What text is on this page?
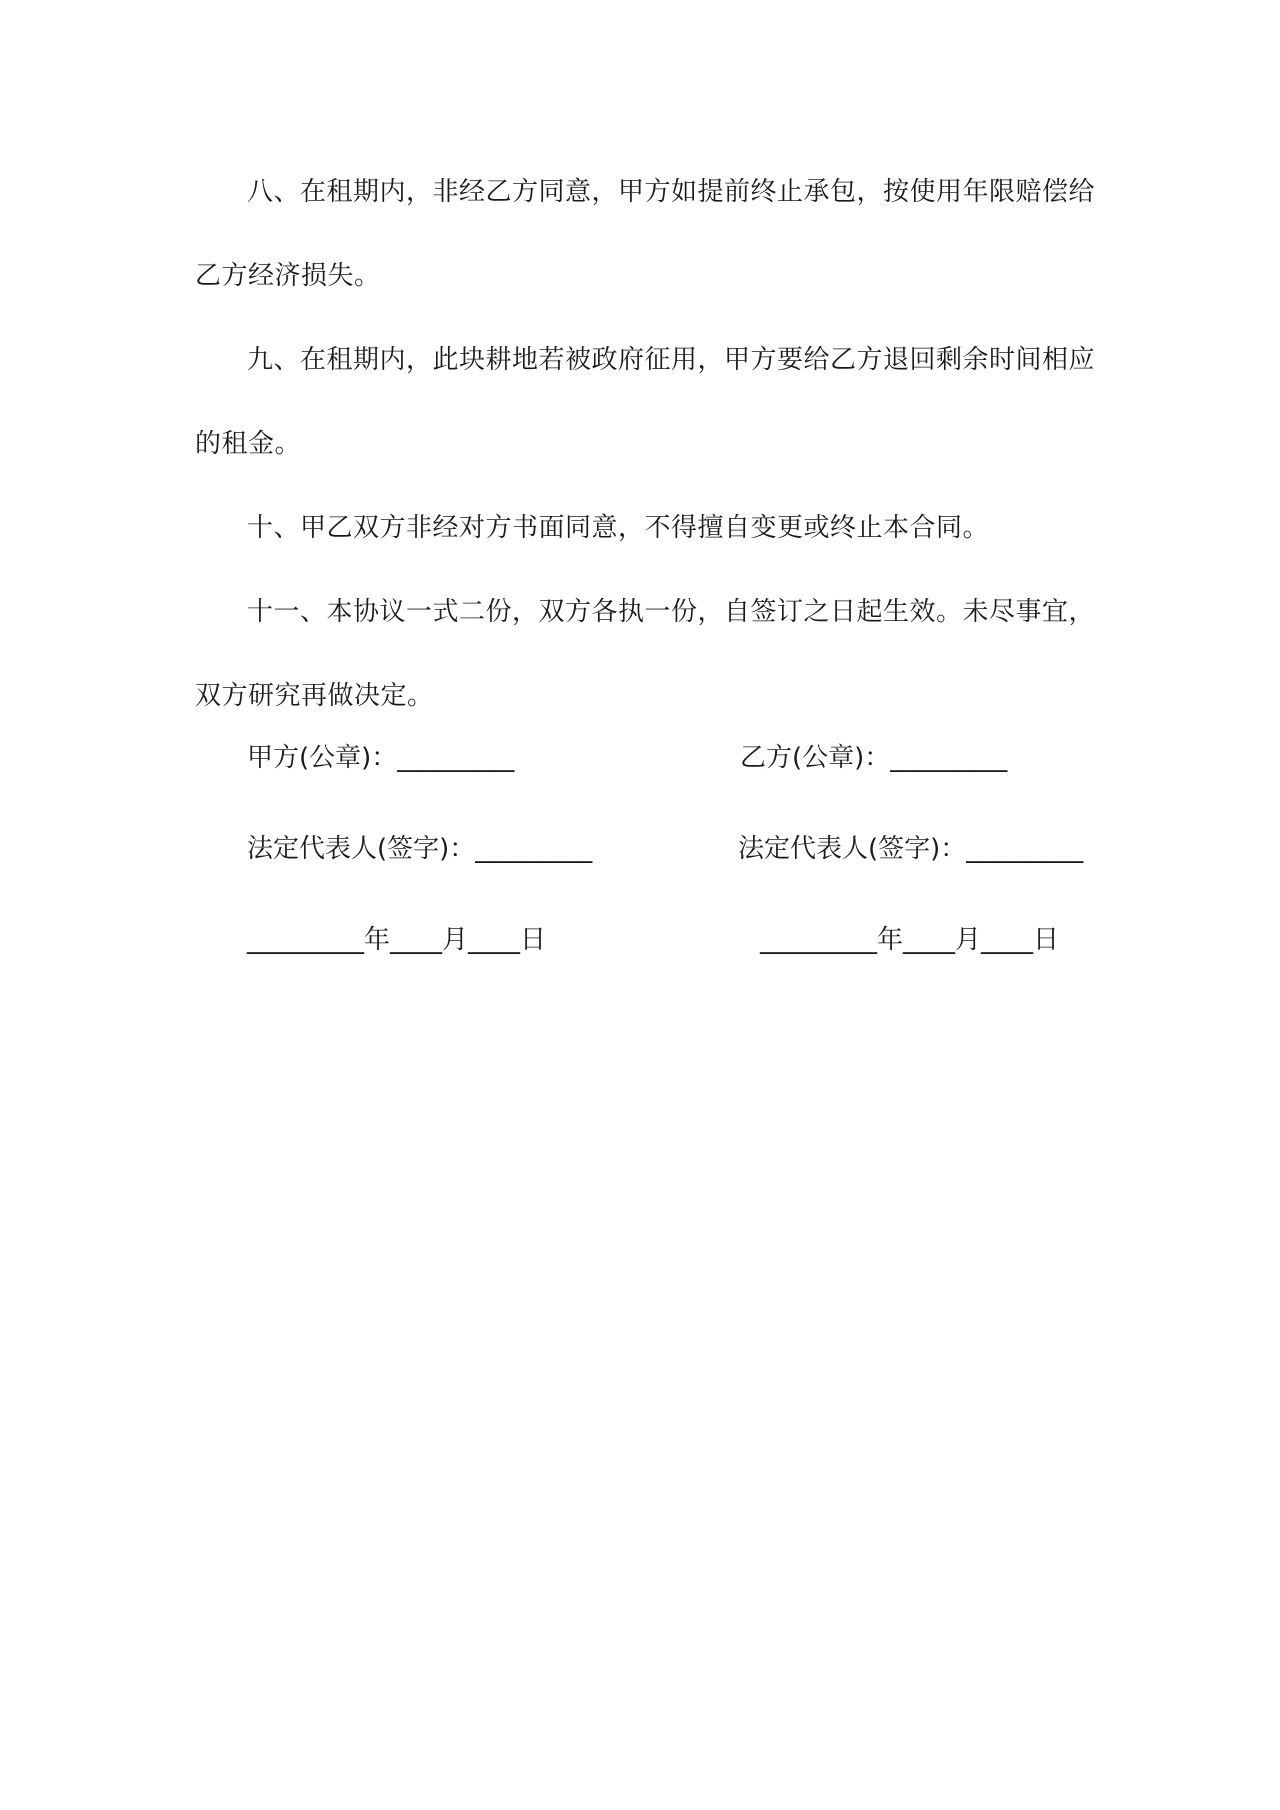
八、在租期内，非经乙方同意，甲方如提前终止承包，按使用年限赔偿给乙方经济损失。

九、在租期内，此块耕地若被政府征用，甲方要给乙方退回剩余时间相应的租金。

十、甲乙双方非经对方书面同意，不得擅自变更或终止本合同。

十一、本协议一式二份，双方各执一份，自签订之日起生效。未尽事宜，双方研究再做决定。

甲方(公章)：_________	乙方(公章)：_________
法定代表人(签字)：_________	法定代表人(签字)：_________
_________年____月____日	_________年____月____日
